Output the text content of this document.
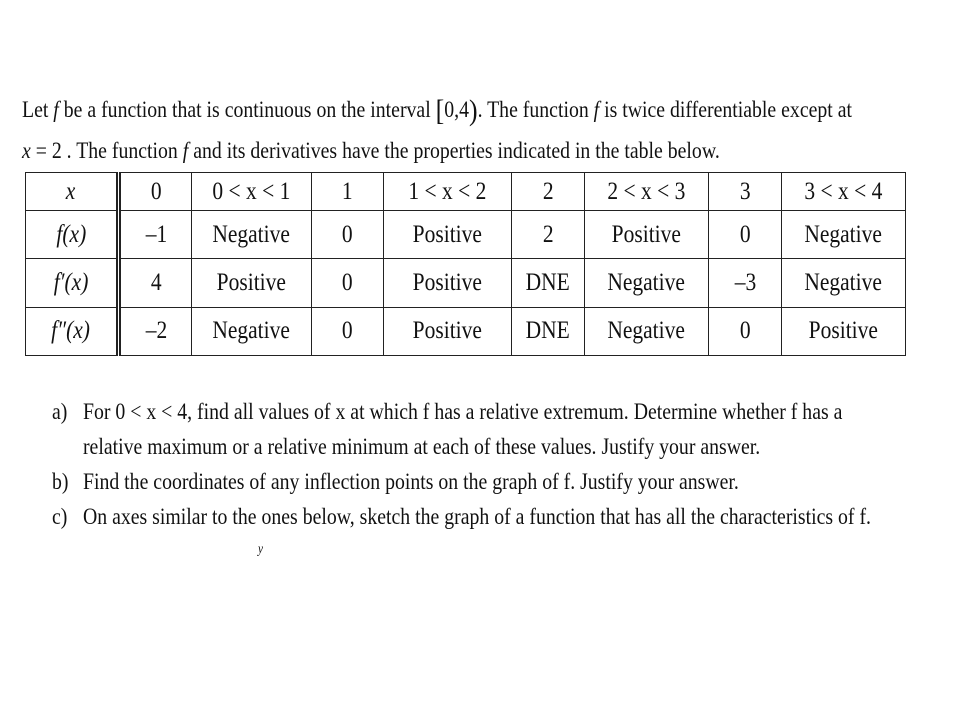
Let f be a function that is continuous on the interval [0,4). The function f is twice differentiable except at

x = 2 . The function f and its derivatives have the properties indicated in the table below.

x	0	0 < x < 1	1	1 < x < 2	2	2 < x < 3	3	3 < x < 4
f(x)	–1	Negative	0	Positive	2	Positive	0	Negative
f′(x)	4	Positive	0	Positive	DNE	Negative	–3	Negative
f″(x)	–2	Negative	0	Positive	DNE	Negative	0	Positive
a) For 0 < x < 4, find all values of x at which f has a relative extremum. Determine whether f has a
relative maximum or a relative minimum at each of these values. Justify your answer.
b) Find the coordinates of any inflection points on the graph of f. Justify your answer.
c) On axes similar to the ones below, sketch the graph of a function that has all the characteristics of f.
y
